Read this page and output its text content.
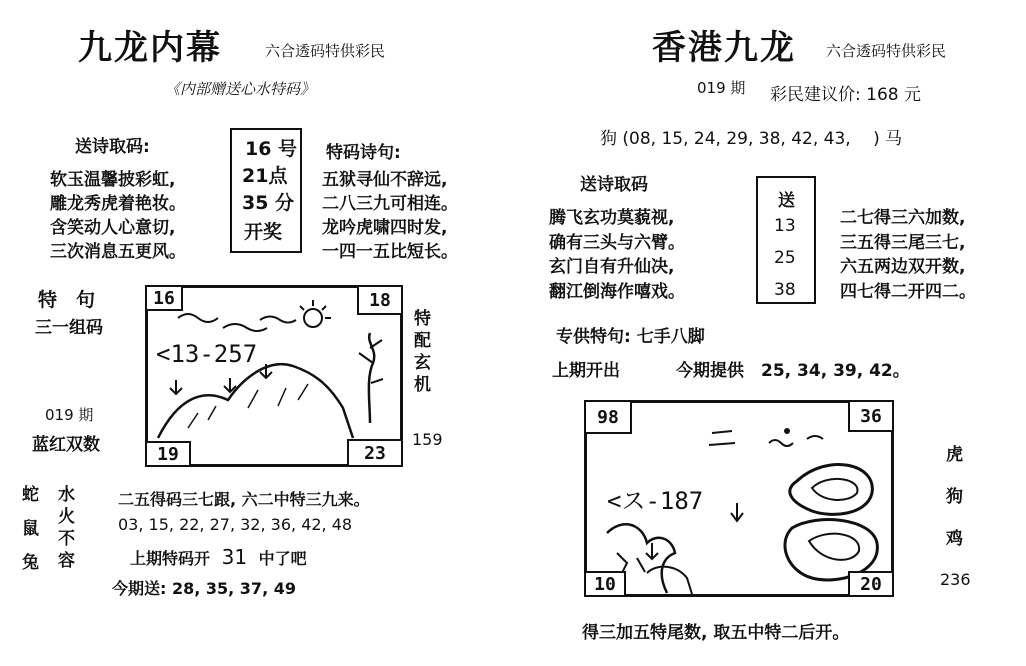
九龙内幕	六合透码特供彩民
《内部赠送心水特码》
送诗取码:
软玉温馨披彩虹,
雕龙秀虎着艳妆。
含笑动人心意切,
三次消息五更风。
16 号
21点
35 分
开奖
特码诗句:
五狱寻仙不辞远,
二八三九可相连。
龙吟虎啸四时发,
一四一五比短长。
特　句
三一组码
019 期
蓝红双数
<13-257
16	18
19	23
特
配
玄
机
159
蛇
鼠
兔
水
火
不
容
二五得码三七跟, 六二中特三九来。
03, 15, 22, 27, 32, 36, 42, 48
上期特码开 31 中了吧
今期送: 28, 35, 37, 49
香港九龙 六合透码特供彩民
019 期 彩民建议价: 168 元
狗 (08, 15, 24, 29, 38, 42, 43,　 ) 马
送诗取码
腾飞玄功莫藐视,
确有三头与六臂。
玄门自有升仙决,
翻江倒海作嘻戏。
送
13
25
38
二七得三六加数,
三五得三尾三七,
六五两边双开数,
四七得二开四二。
专供特句: 七手八脚
上期开出	今期提供　25, 34, 39, 42。
<ス-187
98	36
10	20
虎
狗
鸡
236
得三加五特尾数, 取五中特二后开。
